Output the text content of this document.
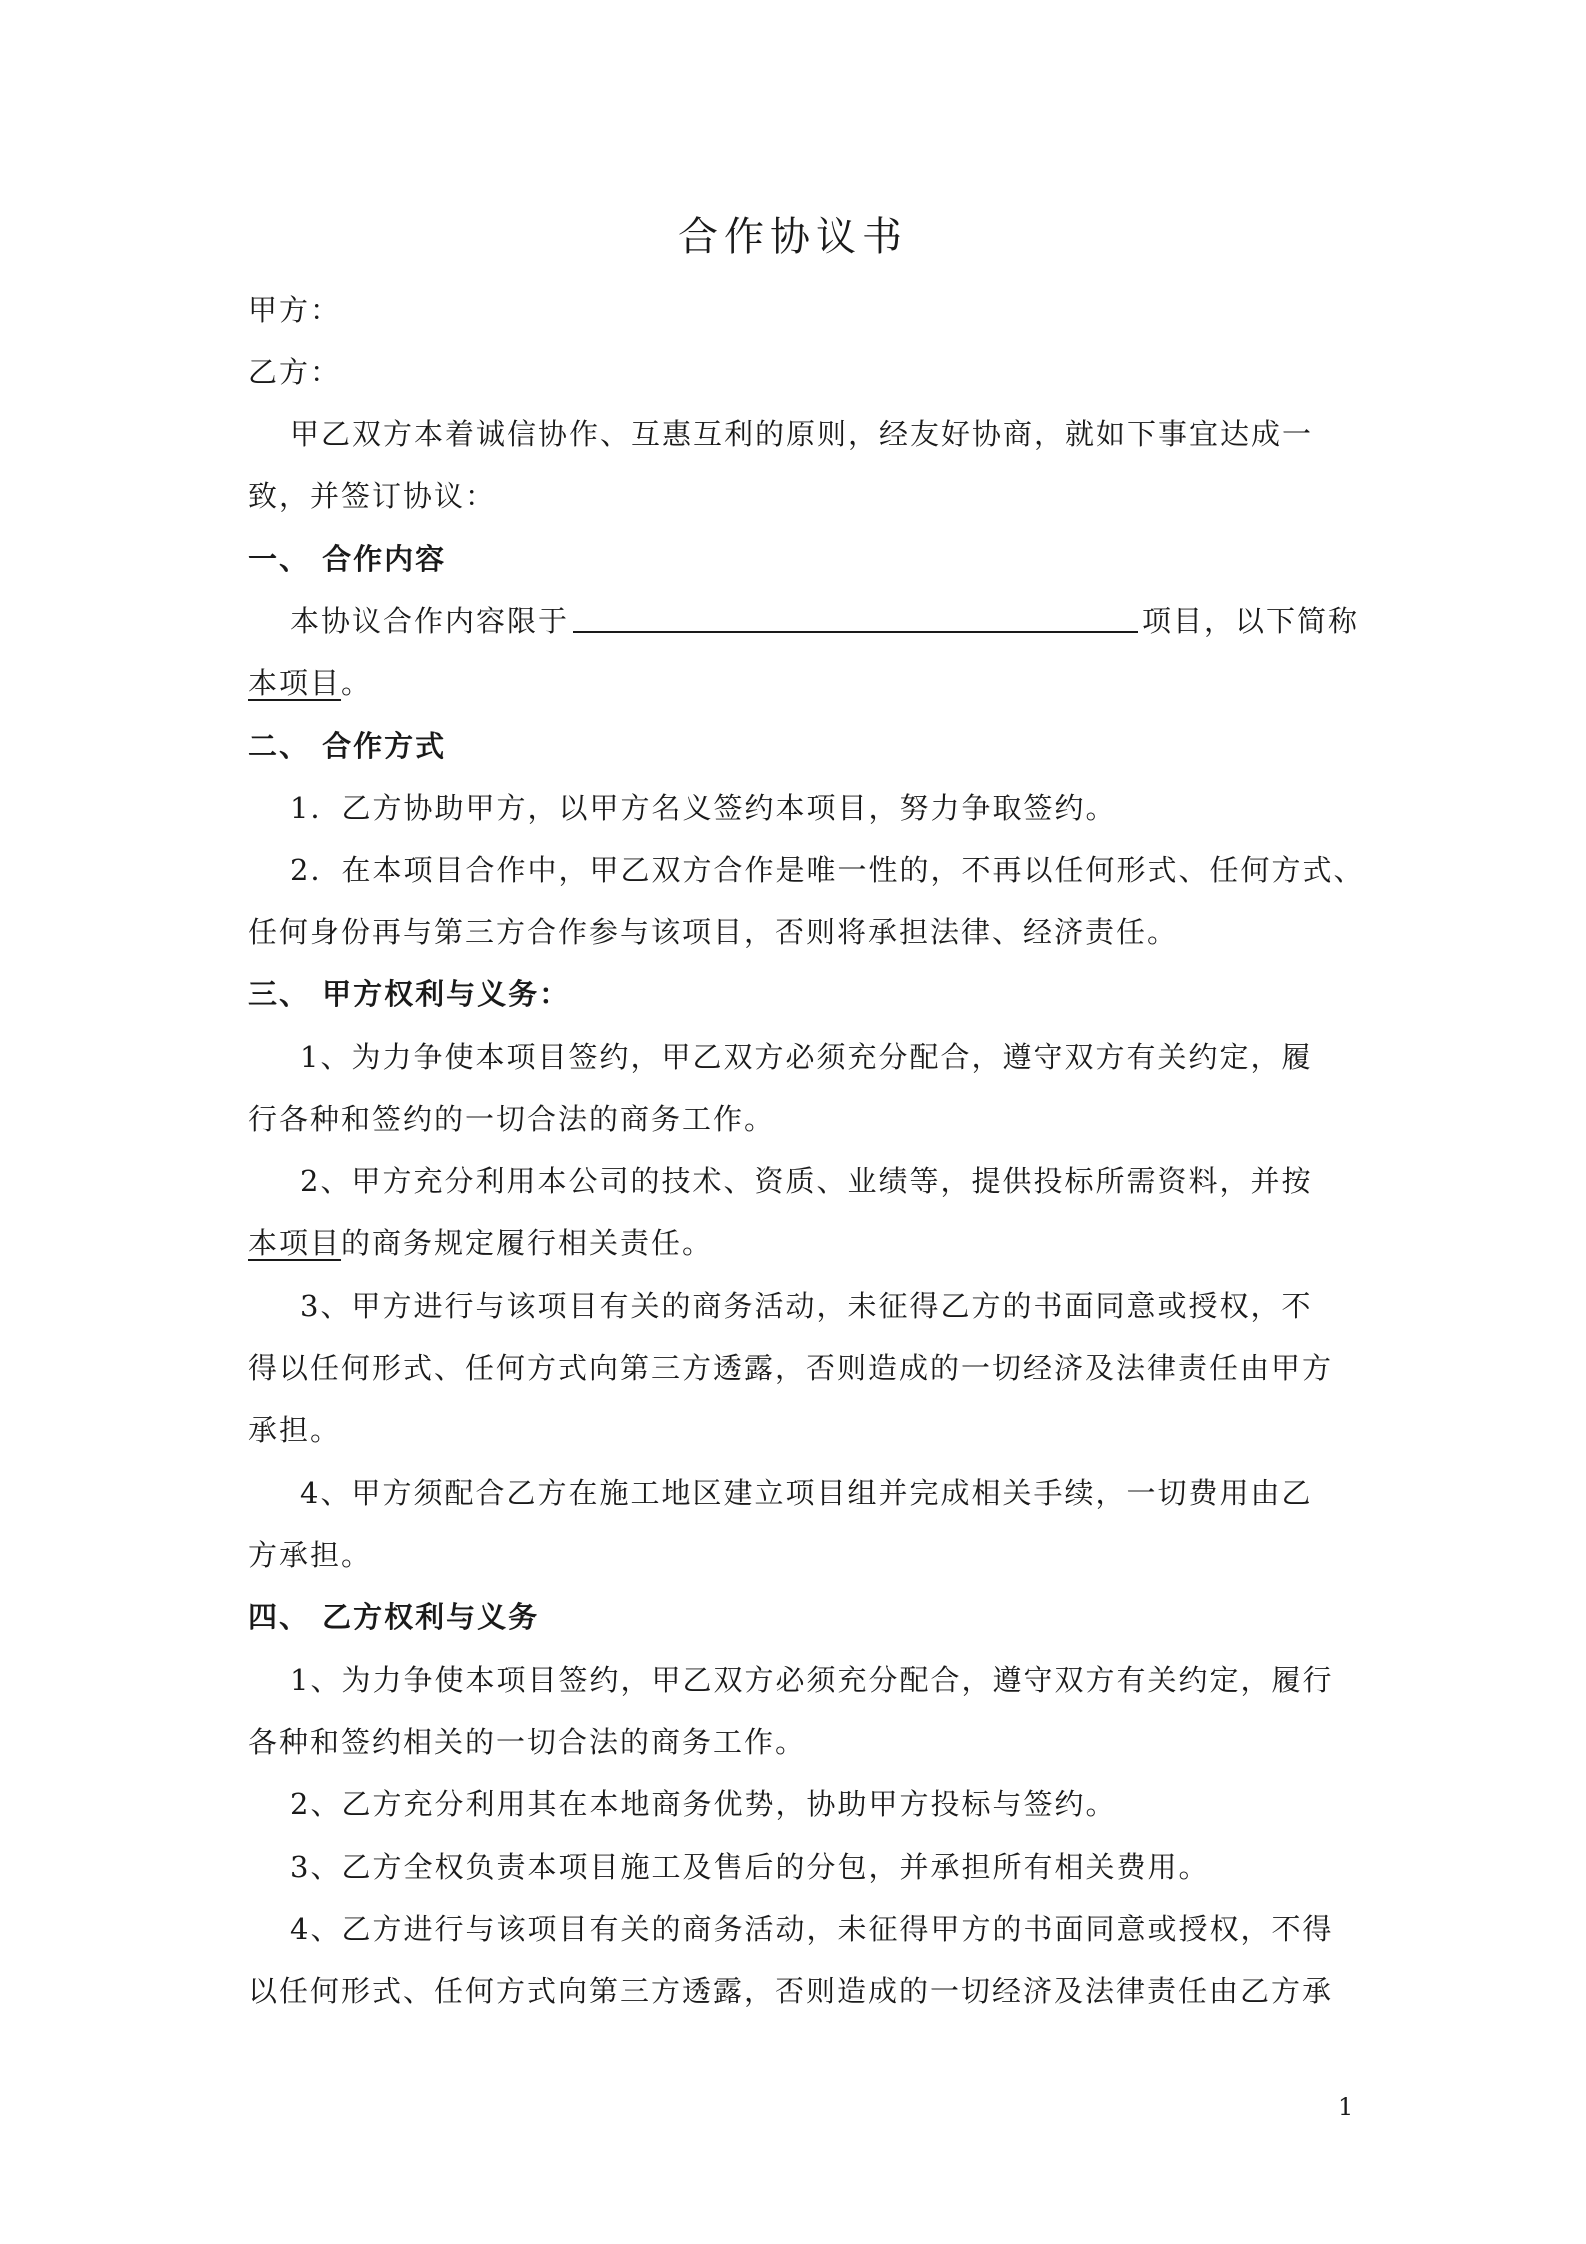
合作协议书
甲方：
乙方：
甲乙双方本着诚信协作、互惠互利的原则，经友好协商，就如下事宜达成一
致，并签订协议：
一、 合作内容
本协议合作内容限于	项目，以下简称
本项目。
二、 合作方式
1．乙方协助甲方，以甲方名义签约本项目，努力争取签约。
2．在本项目合作中，甲乙双方合作是唯一性的，不再以任何形式、任何方式、
任何身份再与第三方合作参与该项目，否则将承担法律、经济责任。
三、 甲方权利与义务：
1、为力争使本项目签约，甲乙双方必须充分配合，遵守双方有关约定，履
行各种和签约的一切合法的商务工作。
2、甲方充分利用本公司的技术、资质、业绩等，提供投标所需资料，并按
本项目的商务规定履行相关责任。
3、甲方进行与该项目有关的商务活动，未征得乙方的书面同意或授权，不
得以任何形式、任何方式向第三方透露，否则造成的一切经济及法律责任由甲方
承担。
4、甲方须配合乙方在施工地区建立项目组并完成相关手续，一切费用由乙
方承担。
四、 乙方权利与义务
1、为力争使本项目签约，甲乙双方必须充分配合，遵守双方有关约定，履行
各种和签约相关的一切合法的商务工作。
2、乙方充分利用其在本地商务优势，协助甲方投标与签约。
3、乙方全权负责本项目施工及售后的分包，并承担所有相关费用。
4、乙方进行与该项目有关的商务活动，未征得甲方的书面同意或授权，不得
以任何形式、任何方式向第三方透露，否则造成的一切经济及法律责任由乙方承
1
